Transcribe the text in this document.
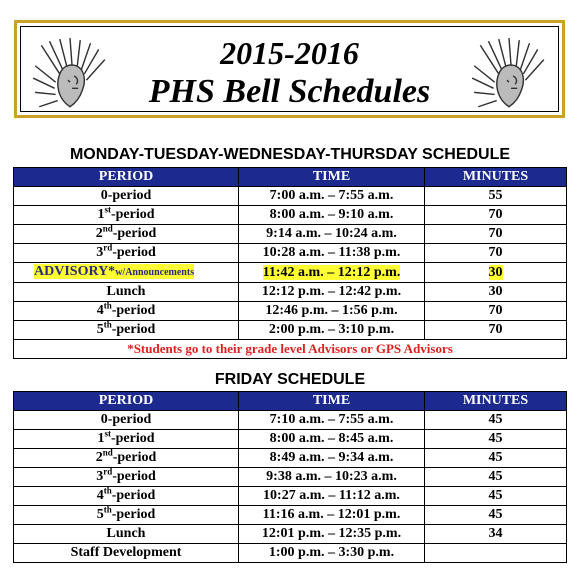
2015-2016
PHS Bell Schedules
MONDAY-TUESDAY-WEDNESDAY-THURSDAY SCHEDULE
PERIOD	TIME	MINUTES
0-period	7:00 a.m. – 7:55 a.m.	55
1st-period	8:00 a.m. – 9:10 a.m.	70
2nd-period	9:14 a.m. – 10:24 a.m.	70
3rd-period	10:28 a.m. – 11:38 p.m.	70
ADVISORY*w/Announcements	11:42 a.m. – 12:12 p.m.	30
Lunch	12:12 p.m. – 12:42 p.m.	30
4th-period	12:46 p.m. – 1:56 p.m.	70
5th-period	2:00 p.m. – 3:10 p.m.	70
*Students go to their grade level Advisors or GPS Advisors		
FRIDAY SCHEDULE
PERIOD	TIME	MINUTES
0-period	7:10 a.m. – 7:55 a.m.	45
1st-period	8:00 a.m. – 8:45 a.m.	45
2nd-period	8:49 a.m. – 9:34 a.m.	45
3rd-period	9:38 a.m. – 10:23 a.m.	45
4th-period	10:27 a.m. – 11:12 a.m.	45
5th-period	11:16 a.m. – 12:01 p.m.	45
Lunch	12:01 p.m. – 12:35 p.m.	34
Staff Development	1:00 p.m. – 3:30 p.m.	
